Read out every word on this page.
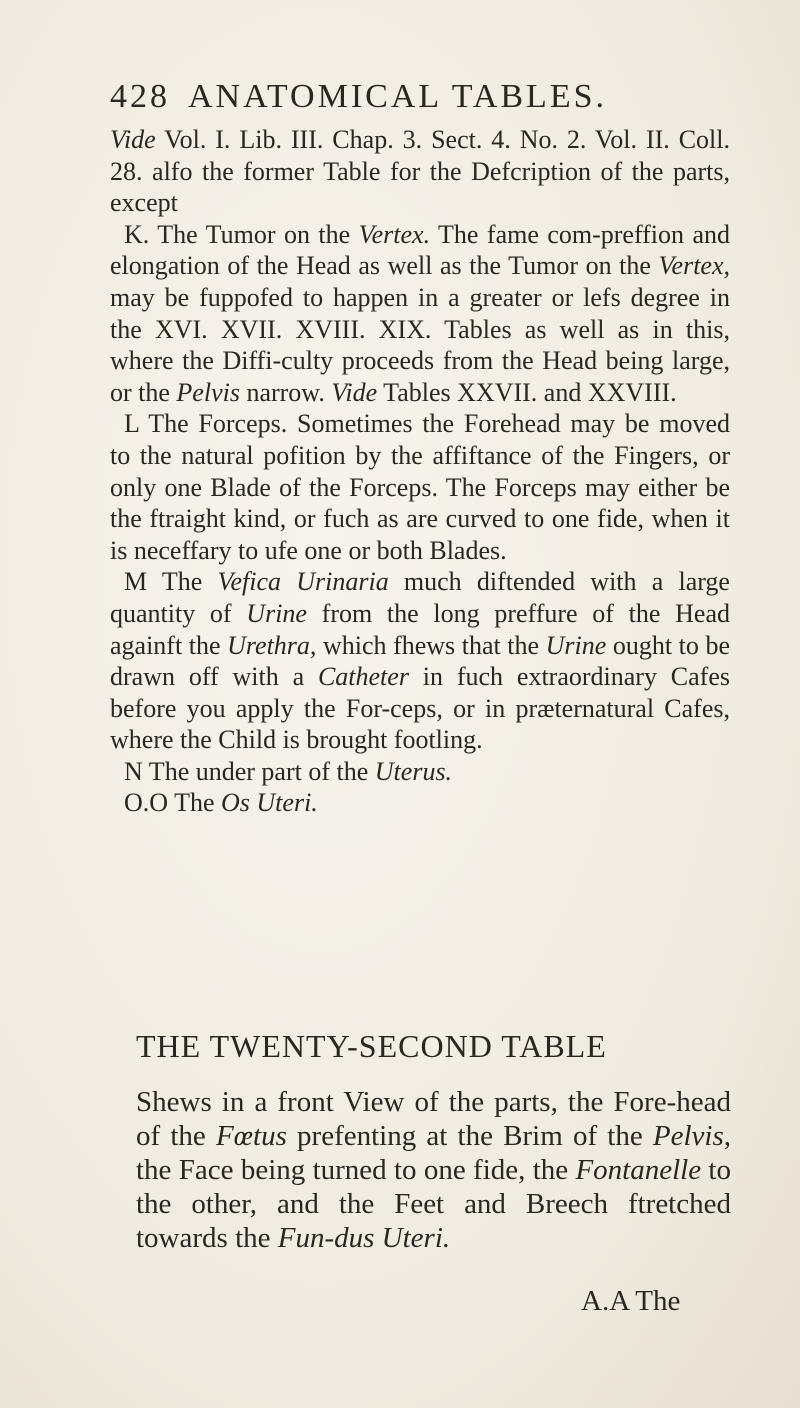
428 ANATOMICAL TABLES.

Vide Vol. I. Lib. III. Chap. 3. Sect. 4. No. 2. Vol. II. Coll. 28. alfo the former Table for the Defcription of the parts, except

K. The Tumor on the Vertex. The fame com-preffion and elongation of the Head as well as the Tumor on the Vertex, may be fuppofed to happen in a greater or lefs degree in the XVI. XVII. XVIII. XIX. Tables as well as in this, where the Diffi-culty proceeds from the Head being large, or the Pelvis narrow. Vide Tables XXVII. and XXVIII.

L The Forceps. Sometimes the Forehead may be moved to the natural pofition by the affiftance of the Fingers, or only one Blade of the Forceps. The Forceps may either be the ftraight kind, or fuch as are curved to one fide, when it is neceffary to ufe one or both Blades.

M The Vefica Urinaria much diftended with a large quantity of Urine from the long preffure of the Head againft the Urethra, which fhews that the Urine ought to be drawn off with a Catheter in fuch extraordinary Cafes before you apply the For-ceps, or in præternatural Cafes, where the Child is brought footling.

N The under part of the Uterus.

O.O The Os Uteri.

THE TWENTY-SECOND TABLE
Shews in a front View of the parts, the Fore-head of the Fœtus prefenting at the Brim of the Pelvis, the Face being turned to one fide, the Fontanelle to the other, and the Feet and Breech ftretched towards the Fun-dus Uteri.
A.A The
